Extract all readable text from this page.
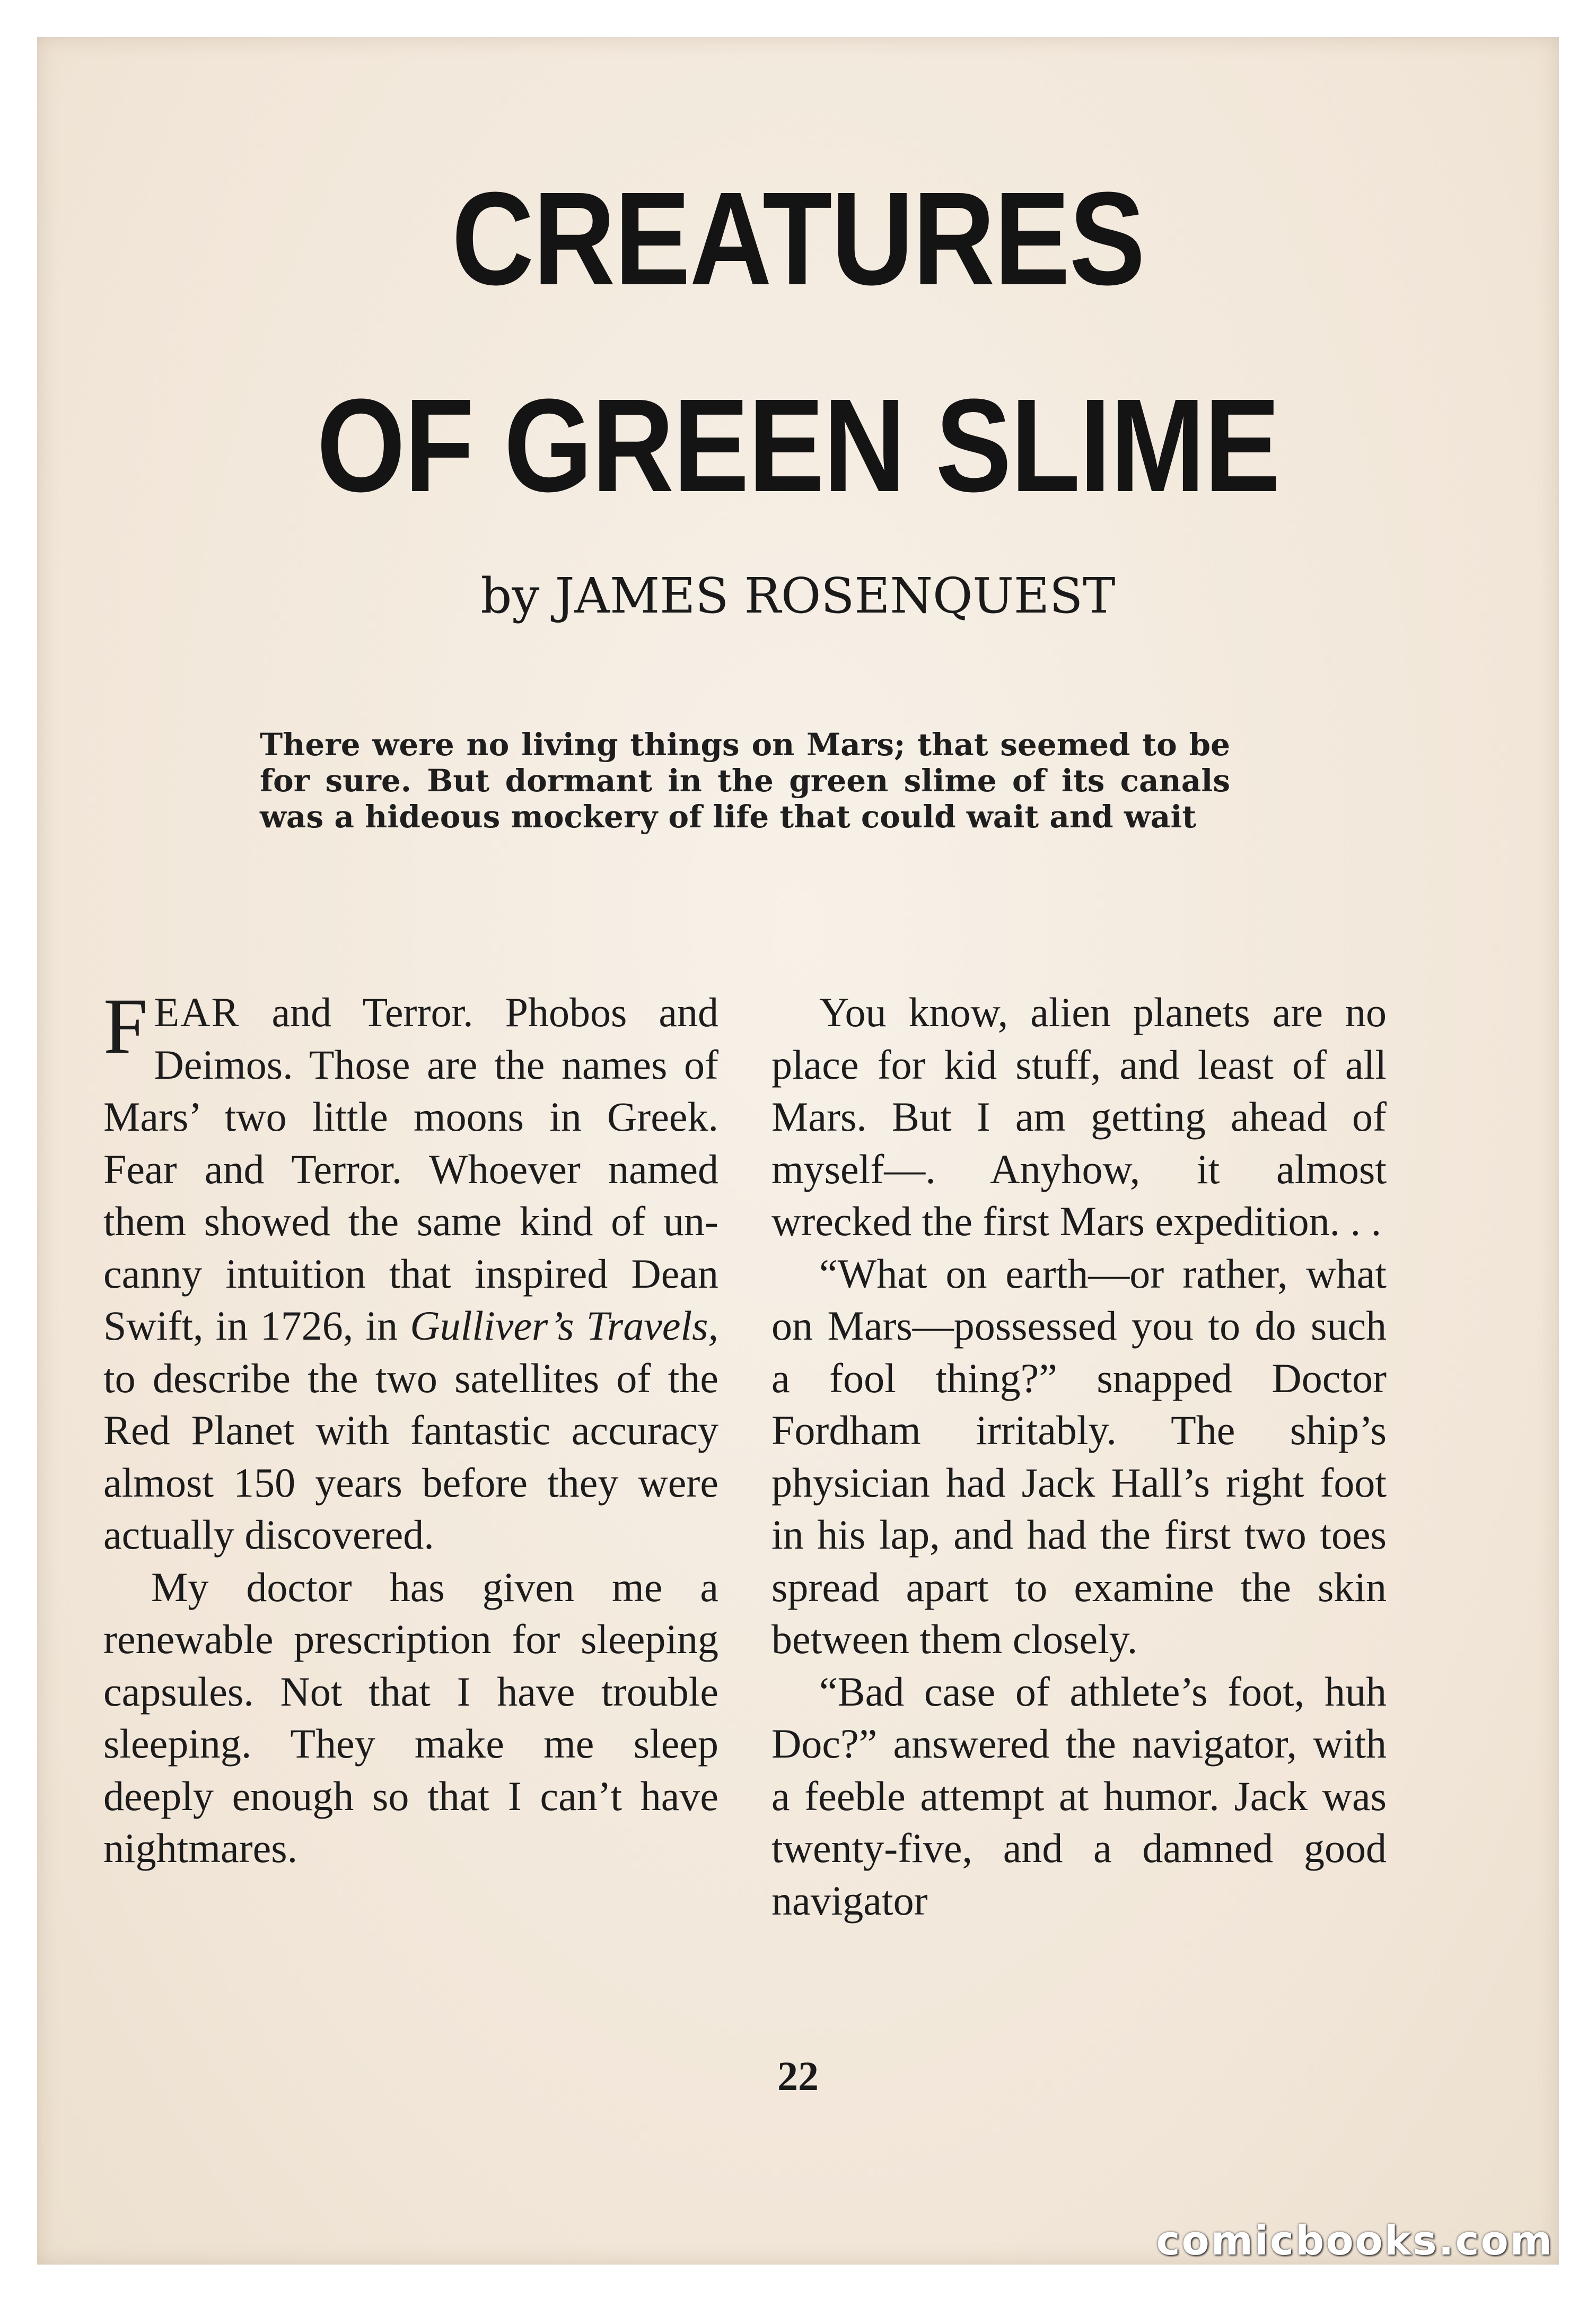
CREATURES
OF GREEN SLIME
by JAMES ROSENQUEST
There were no living things on Mars; that seemed to be for sure. But dormant in the green slime of its canals was a hideous mockery of life that could wait and wait

FEAR and Terror. Phobos and Deimos. Those are the names of Mars’ two little moons in Greek. Fear and Terror. Whoever named them showed the same kind of uncanny intuition that inspired Dean Swift, in 1726, in Gulliver’s Travels, to describe the two satellites of the Red Planet with fantastic accuracy almost 150 years before they were actually discovered.

My doctor has given me a renewable prescription for sleeping capsules. Not that I have trouble sleeping. They make me sleep deeply enough so that I can’t have nightmares.

You know, alien planets are no place for kid stuff, and least of all Mars. But I am getting ahead of myself—. Anyhow, it almost wrecked the first Mars expedition. . .

“What on earth—or rather, what on Mars—possessed you to do such a fool thing?” snapped Doctor Fordham irritably. The ship’s physician had Jack Hall’s right foot in his lap, and had the first two toes spread apart to examine the skin between them closely.

“Bad case of athlete’s foot, huh Doc?” answered the navigator, with a feeble attempt at humor. Jack was twenty-five, and a damned good navigator

22
comicbooks.com
